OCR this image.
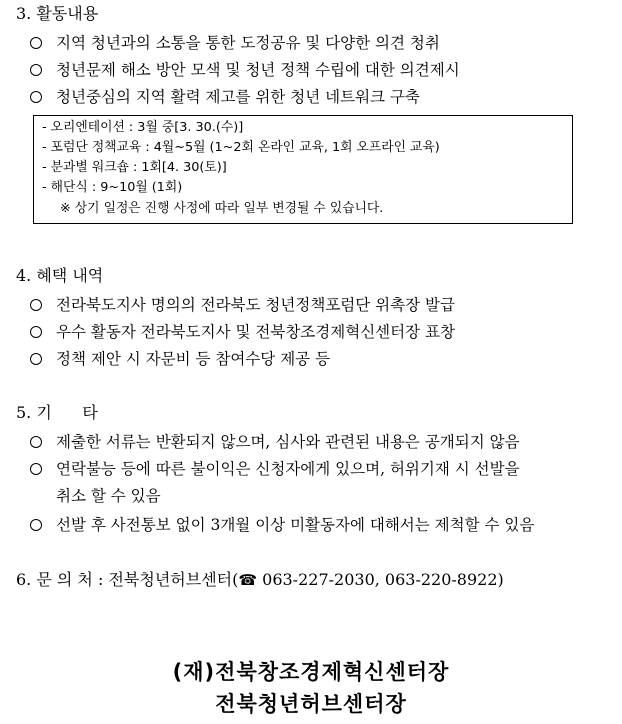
3. 활동내용
지역 청년과의 소통을 통한 도정공유 및 다양한 의견 청취
청년문제 해소 방안 모색 및 청년 정책 수립에 대한 의견제시
청년중심의 지역 활력 제고를 위한 청년 네트워크 구축
- 오리엔테이션 : 3월 중[3. 30.(수)]
- 포럼단 정책교육 : 4월∼5월 (1~2회 온라인 교육, 1회 오프라인 교육)
- 분과별 워크숍 : 1회[4. 30(토)]
- 해단식 : 9~10월 (1회)
※ 상기 일정은 진행 사정에 따라 일부 변경될 수 있습니다.
4. 혜택 내역
전라북도지사 명의의 전라북도 청년정책포럼단 위촉장 발급
우수 활동자 전라북도지사 및 전북창조경제혁신센터장 표창
정책 제안 시 자문비 등 참여수당 제공 등
5. 기      타
제출한 서류는 반환되지 않으며, 심사와 관련된 내용은 공개되지 않음
연락불능 등에 따른 불이익은 신청자에게 있으며, 허위기재 시 선발을
취소 할 수 있음
선발 후 사전통보 없이 3개월 이상 미활동자에 대해서는 제척할 수 있음
6. 문 의 처 : 전북청년허브센터(☎ 063-227-2030, 063-220-8922)
(재)전북창조경제혁신센터장
전북청년허브센터장
